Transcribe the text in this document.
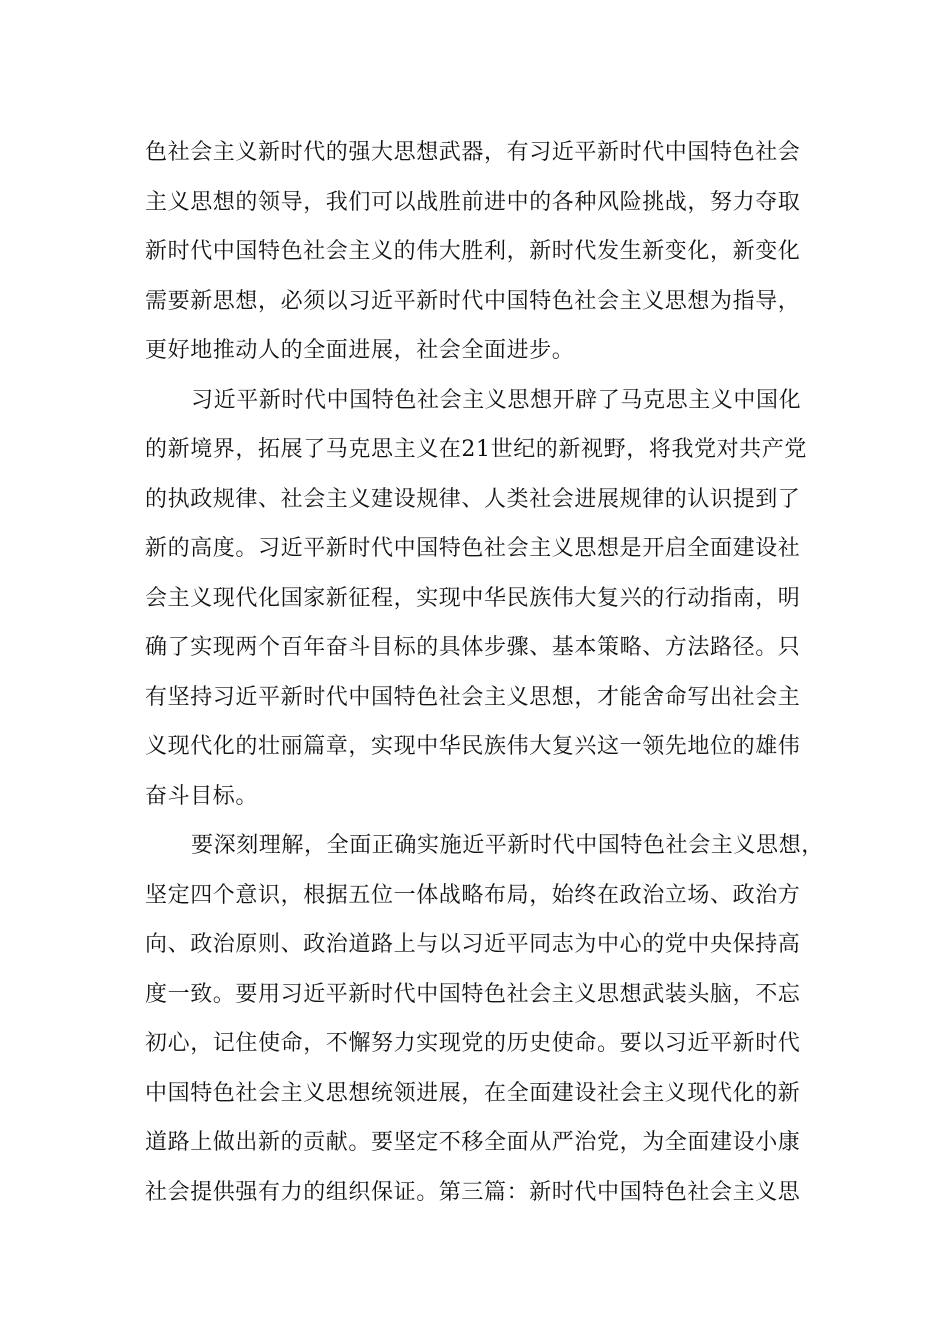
色社会主义新时代的强大思想武器，有习近平新时代中国特色社会
主义思想的领导，我们可以战胜前进中的各种风险挑战，努力夺取
新时代中国特色社会主义的伟大胜利，新时代发生新变化，新变化
需要新思想，必须以习近平新时代中国特色社会主义思想为指导，
更好地推动人的全面进展，社会全面进步。

习近平新时代中国特色社会主义思想开辟了马克思主义中国化
的新境界，拓展了马克思主义在21世纪的新视野，将我党对共产党
的执政规律、社会主义建设规律、人类社会进展规律的认识提到了
新的高度。习近平新时代中国特色社会主义思想是开启全面建设社
会主义现代化国家新征程，实现中华民族伟大复兴的行动指南，明
确了实现两个百年奋斗目标的具体步骤、基本策略、方法路径。只
有坚持习近平新时代中国特色社会主义思想，才能舍命写出社会主
义现代化的壮丽篇章，实现中华民族伟大复兴这一领先地位的雄伟
奋斗目标。

要深刻理解，全面正确实施近平新时代中国特色社会主义思想，
坚定四个意识，根据五位一体战略布局，始终在政治立场、政治方
向、政治原则、政治道路上与以习近平同志为中心的党中央保持高
度一致。要用习近平新时代中国特色社会主义思想武装头脑，不忘
初心，记住使命，不懈努力实现党的历史使命。要以习近平新时代
中国特色社会主义思想统领进展，在全面建设社会主义现代化的新
道路上做出新的贡献。要坚定不移全面从严治党，为全面建设小康
社会提供强有力的组织保证。第三篇：新时代中国特色社会主义思
